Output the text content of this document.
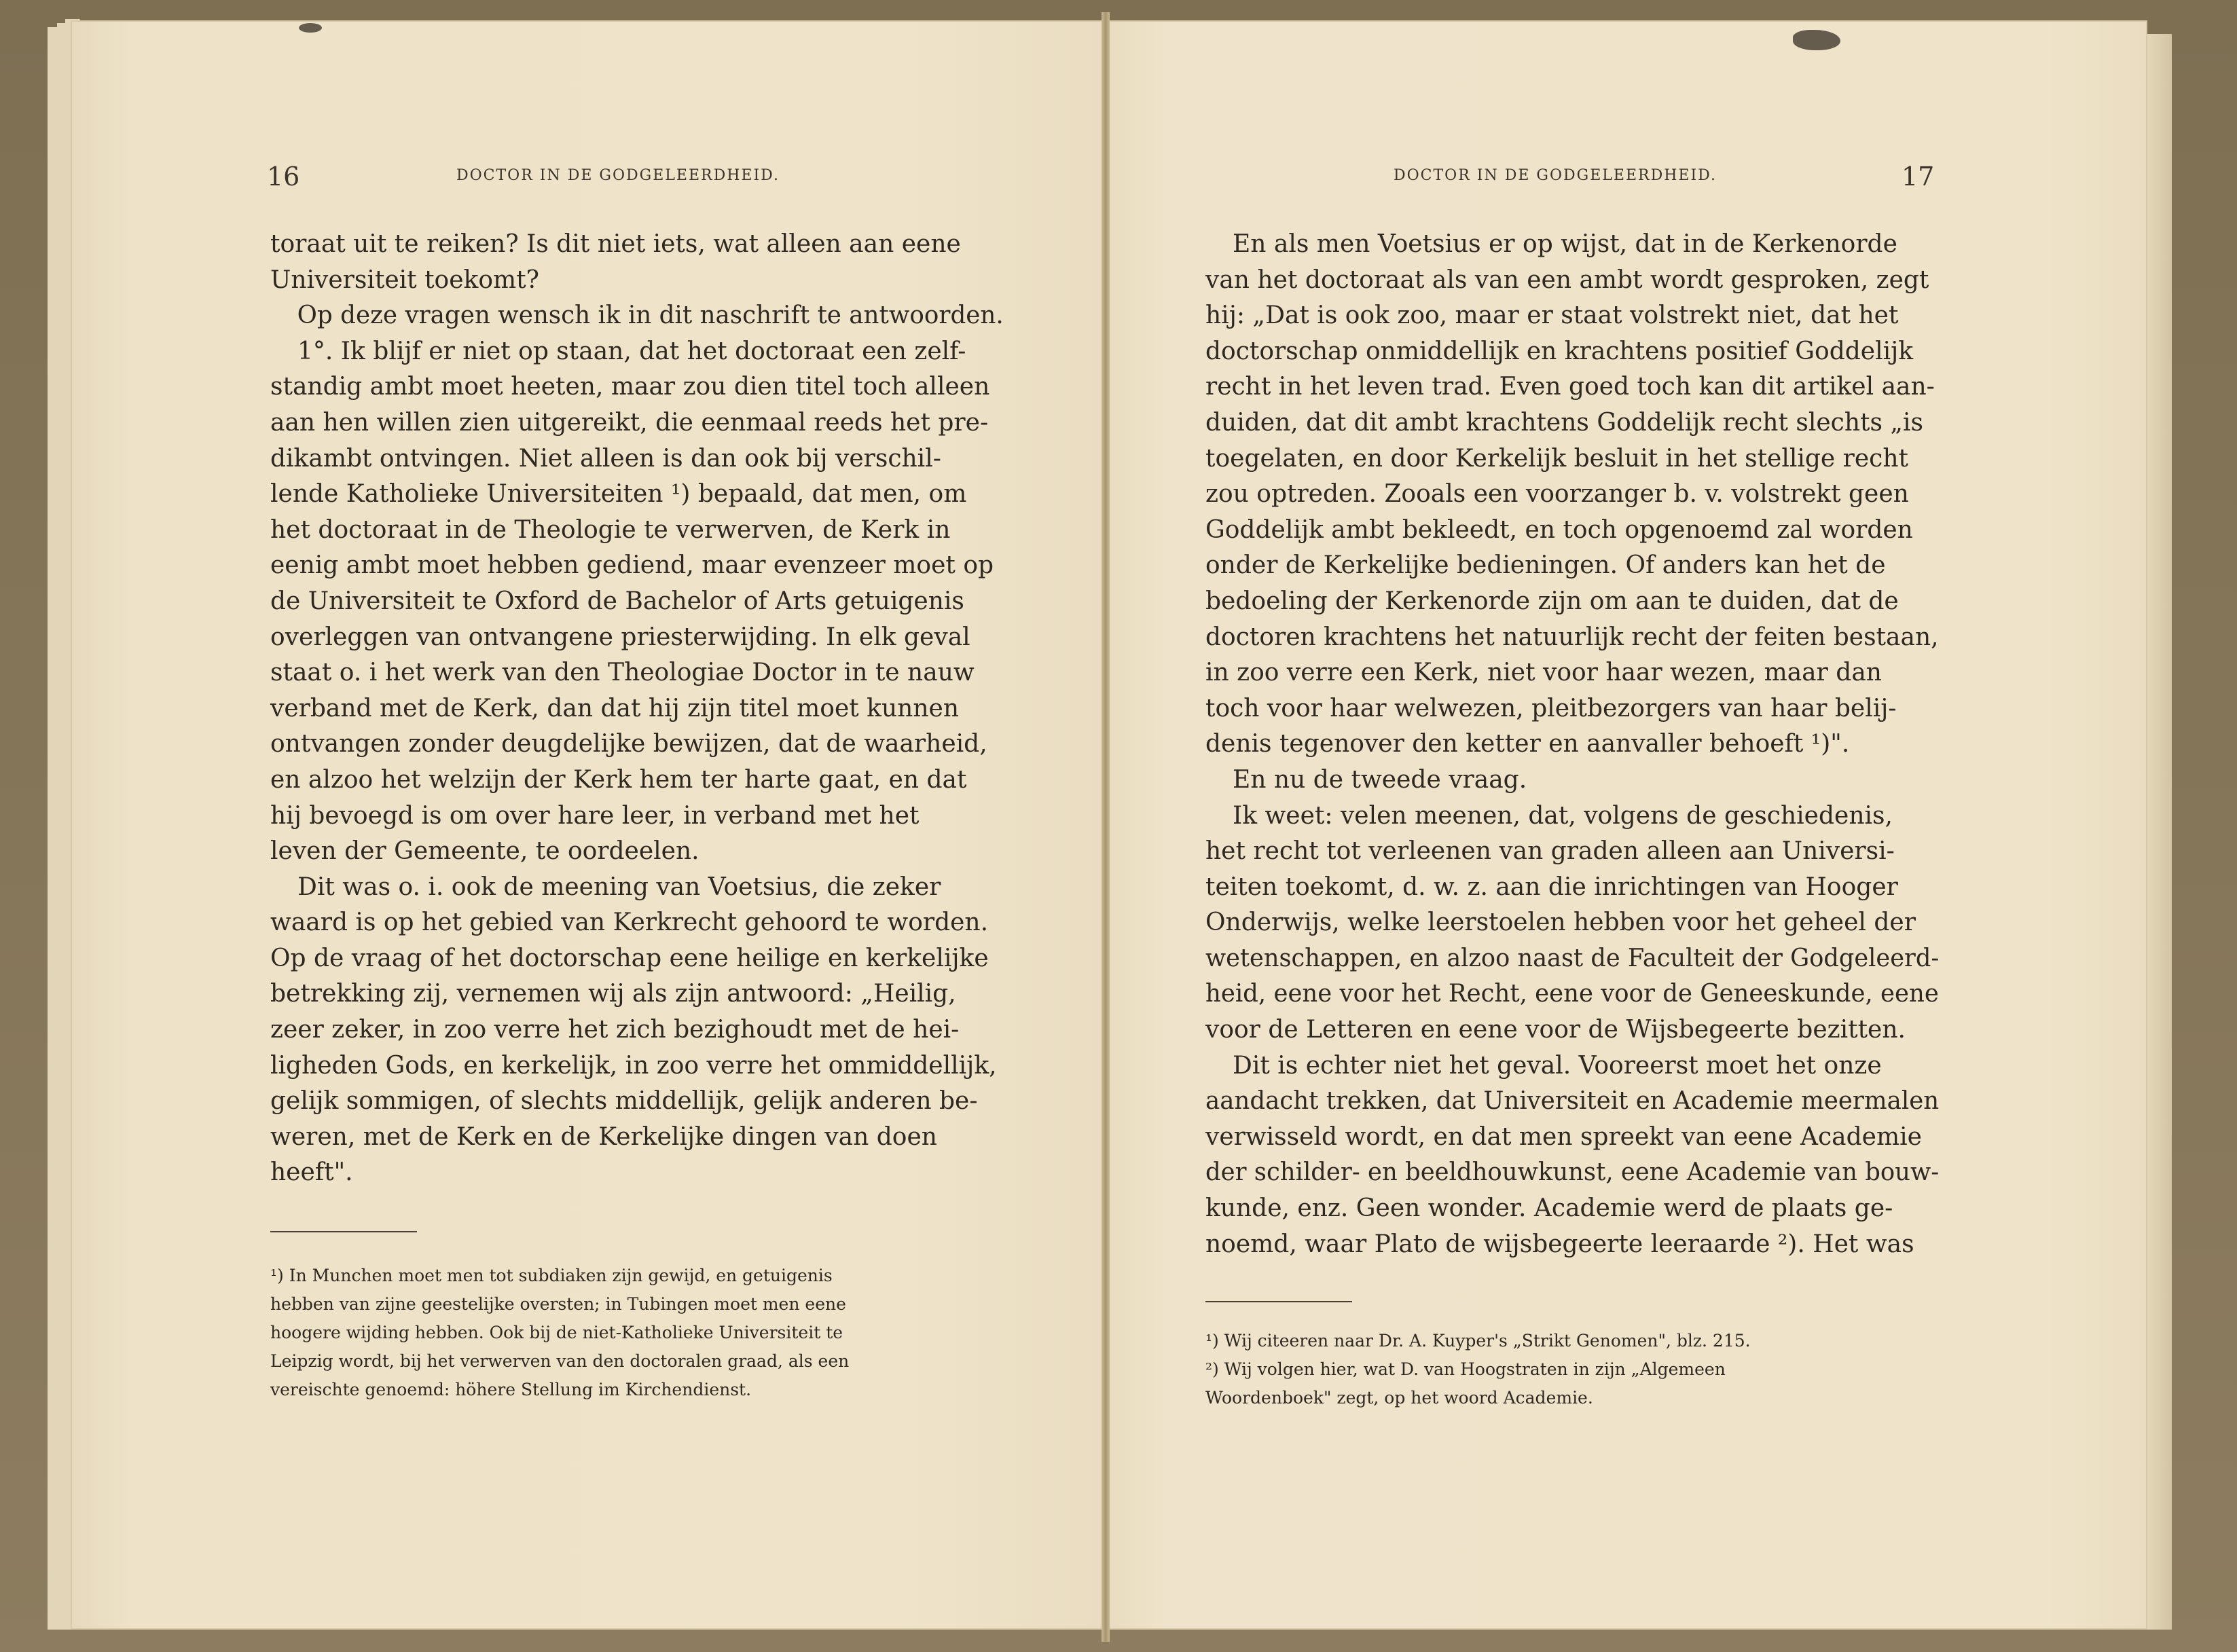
16	DOCTOR IN DE GODGELEERDHEID.
toraat uit te reiken? Is dit niet iets, wat alleen aan eene
Universiteit toekomt?
Op deze vragen wensch ik in dit naschrift te antwoorden.
1°. Ik blijf er niet op staan, dat het doctoraat een zelf-
standig ambt moet heeten, maar zou dien titel toch alleen
aan hen willen zien uitgereikt, die eenmaal reeds het pre-
dikambt ontvingen. Niet alleen is dan ook bij verschil-
lende Katholieke Universiteiten ¹) bepaald, dat men, om
het doctoraat in de Theologie te verwerven, de Kerk in
eenig ambt moet hebben gediend, maar evenzeer moet op
de Universiteit te Oxford de Bachelor of Arts getuigenis
overleggen van ontvangene priesterwijding. In elk geval
staat o. i het werk van den Theologiae Doctor in te nauw
verband met de Kerk, dan dat hij zijn titel moet kunnen
ontvangen zonder deugdelijke bewijzen, dat de waarheid,
en alzoo het welzijn der Kerk hem ter harte gaat, en dat
hij bevoegd is om over hare leer, in verband met het
leven der Gemeente, te oordeelen.
Dit was o. i. ook de meening van Voetsius, die zeker
waard is op het gebied van Kerkrecht gehoord te worden.
Op de vraag of het doctorschap eene heilige en kerkelijke
betrekking zij, vernemen wij als zijn antwoord: „Heilig,
zeer zeker, in zoo verre het zich bezighoudt met de hei-
ligheden Gods, en kerkelijk, in zoo verre het ommiddellijk,
gelijk sommigen, of slechts middellijk, gelijk anderen be-
weren, met de Kerk en de Kerkelijke dingen van doen
heeft".
¹) In Munchen moet men tot subdiaken zijn gewijd, en getuigenis
hebben van zijne geestelijke oversten; in Tubingen moet men eene
hoogere wijding hebben. Ook bij de niet-Katholieke Universiteit te
Leipzig wordt, bij het verwerven van den doctoralen graad, als een
vereischte genoemd: höhere Stellung im Kirchendienst.
DOCTOR IN DE GODGELEERDHEID.	17
En als men Voetsius er op wijst, dat in de Kerkenorde
van het doctoraat als van een ambt wordt gesproken, zegt
hij: „Dat is ook zoo, maar er staat volstrekt niet, dat het
doctorschap onmiddellijk en krachtens positief Goddelijk
recht in het leven trad. Even goed toch kan dit artikel aan-
duiden, dat dit ambt krachtens Goddelijk recht slechts „is
toegelaten, en door Kerkelijk besluit in het stellige recht
zou optreden. Zooals een voorzanger b. v. volstrekt geen
Goddelijk ambt bekleedt, en toch opgenoemd zal worden
onder de Kerkelijke bedieningen. Of anders kan het de
bedoeling der Kerkenorde zijn om aan te duiden, dat de
doctoren krachtens het natuurlijk recht der feiten bestaan,
in zoo verre een Kerk, niet voor haar wezen, maar dan
toch voor haar welwezen, pleitbezorgers van haar belij-
denis tegenover den ketter en aanvaller behoeft ¹)".
En nu de tweede vraag.
Ik weet: velen meenen, dat, volgens de geschiedenis,
het recht tot verleenen van graden alleen aan Universi-
teiten toekomt, d. w. z. aan die inrichtingen van Hooger
Onderwijs, welke leerstoelen hebben voor het geheel der
wetenschappen, en alzoo naast de Faculteit der Godgeleerd-
heid, eene voor het Recht, eene voor de Geneeskunde, eene
voor de Letteren en eene voor de Wijsbegeerte bezitten.
Dit is echter niet het geval. Vooreerst moet het onze
aandacht trekken, dat Universiteit en Academie meermalen
verwisseld wordt, en dat men spreekt van eene Academie
der schilder- en beeldhouwkunst, eene Academie van bouw-
kunde, enz. Geen wonder. Academie werd de plaats ge-
noemd, waar Plato de wijsbegeerte leeraarde ²). Het was
¹) Wij citeeren naar Dr. A. Kuyper's „Strikt Genomen", blz. 215.
²) Wij volgen hier, wat D. van Hoogstraten in zijn „Algemeen
Woordenboek" zegt, op het woord Academie.
